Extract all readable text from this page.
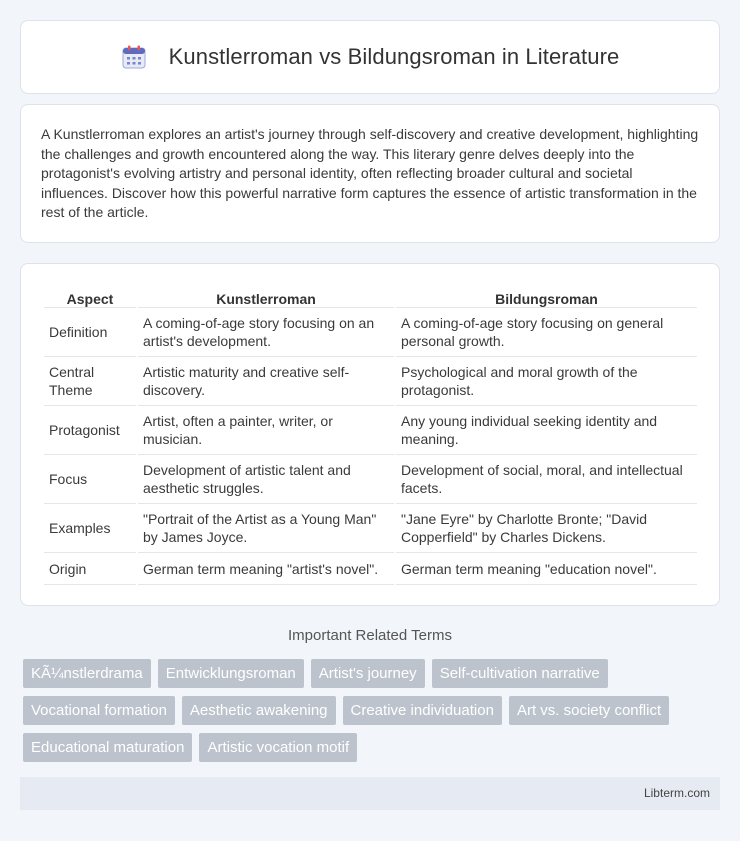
Kunstlerroman vs Bildungsroman in Literature

A Kunstlerroman explores an artist's journey through self-discovery and creative development, highlighting the challenges and growth encountered along the way. This literary genre delves deeply into the protagonist's evolving artistry and personal identity, often reflecting broader cultural and societal influences. Discover how this powerful narrative form captures the essence of artistic transformation in the rest of the article.

Aspect	Kunstlerroman	Bildungsroman
Definition	A coming-of-age story focusing on an artist's development.	A coming-of-age story focusing on general personal growth.
Central Theme	Artistic maturity and creative self-discovery.	Psychological and moral growth of the protagonist.
Protagonist	Artist, often a painter, writer, or musician.	Any young individual seeking identity and meaning.
Focus	Development of artistic talent and aesthetic struggles.	Development of social, moral, and intellectual facets.
Examples	"Portrait of the Artist as a Young Man" by James Joyce.	"Jane Eyre" by Charlotte Bronte; "David Copperfield" by Charles Dickens.
Origin	German term meaning "artist's novel".	German term meaning "education novel".
Important Related Terms
KÃ¼nstlerdrama	Entwicklungsroman	Artist's journey	Self-cultivation narrative
Vocational formation	Aesthetic awakening	Creative individuation	Art vs. society conflict
Educational maturation	Artistic vocation motif
Libterm.com
